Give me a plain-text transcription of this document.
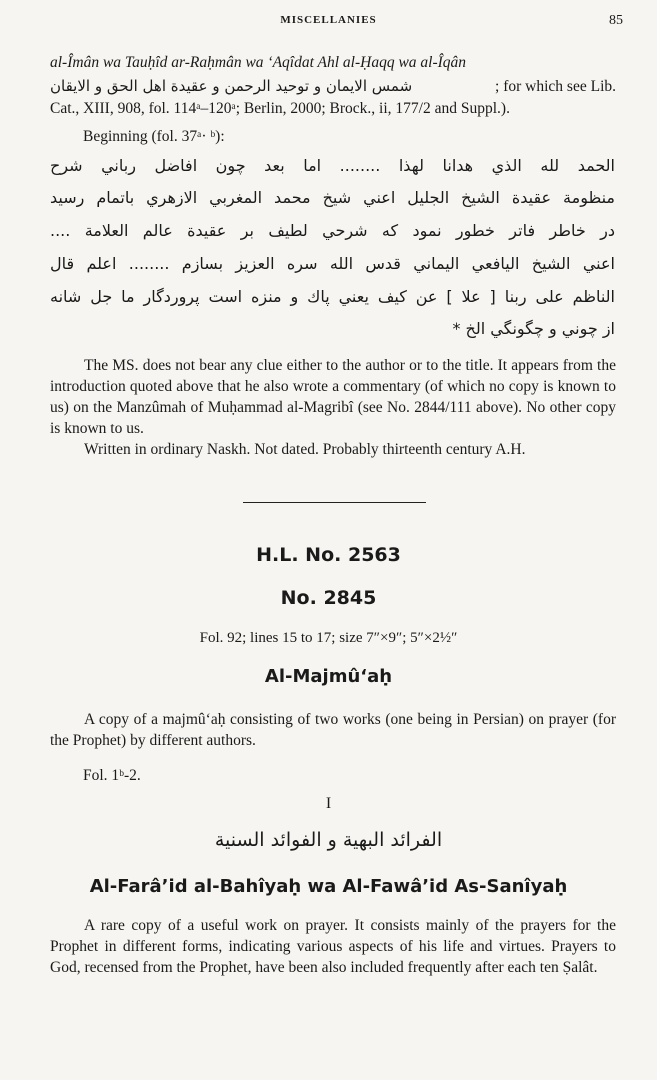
MISCELLANIES	85
al-Îmân wa Tauḥîd ar-Raḥmân wa ‘Aqîdat Ahl al-Ḥaqq wa al-Îqân
شمس الايمان و توحيد الرحمن و عقيدة اهل الحق و الايقان	; for which see Lib.
Cat., XIII, 908, fol. 114ᵃ–120ᵃ; Berlin, 2000; Brock., ii, 177/2 and Suppl.).
Beginning (fol. 37ᵃ· ᵇ):
الحمد لله الذي هدانا لهذا ........ اما بعد چون افاضل رباني شرح
منظومة عقيدة الشيخ الجليل اعني شيخ محمد المغربي الازهري باتمام رسيد
در خاطر فاتر خطور نمود كه شرحي لطيف بر عقيدة عالم العلامة ....
اعني الشيخ اليافعي اليماني قدس الله سره العزيز بسازم ........ اعلم قال
الناظم على ربنا [ علا ] عن كيف يعني پاك و منزه است پروردگار ما جل شانه
از چوني و چگونگي الخ *
The MS. does not bear any clue either to the author or to the title. It appears from the introduction quoted above that he also wrote a commentary (of which no copy is known to us) on the Manzûmah of Muḥammad al-Magribî (see No. 2844/111 above). No other copy is known to us.
Written in ordinary Naskh. Not dated. Probably thirteenth century A.H.
H.L. No. 2563
No. 2845
Fol. 92; lines 15 to 17; size 7″×9″; 5″×2½″
Al-Majmû‘aḥ
A copy of a majmû‘aḥ consisting of two works (one being in Persian) on prayer (for the Prophet) by different authors.
Fol. 1ᵇ-2.
I
الفرائد البهية و الفوائد السنية
Al-Farâ’id al-Bahîyaḥ wa Al-Fawâ’id As-Sanîyaḥ
A rare copy of a useful work on prayer. It consists mainly of the prayers for the Prophet in different forms, indicating various aspects of his life and virtues. Prayers to God, recensed from the Prophet, have been also included frequently after each ten Ṣalât.
